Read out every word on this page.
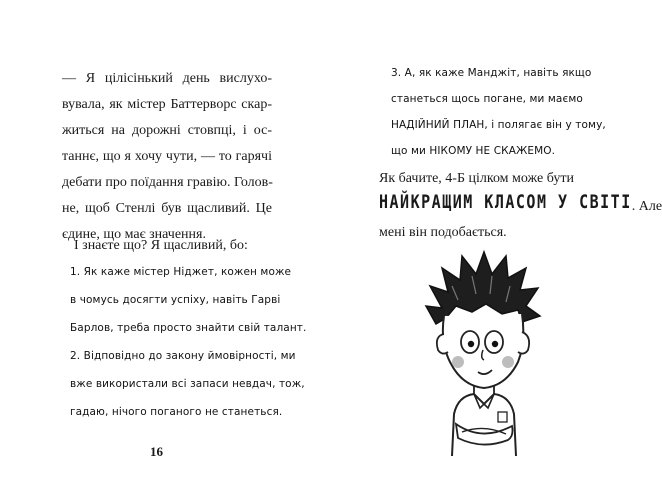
— Я цілісінький день вислухо-
вувала, як містер Баттерворс скар-
житься на дорожні стовпці, і ос-
таннє, що я хочу чути, — то гарячі
дебати про поїдання гравію. Голов-
не, щоб Стенлі був щасливий. Це
єдине, що має значення.
І знаєте що? Я щасливий, бо:
1. Як каже містер Ніджет, кожен може
в чомусь досягти успіху, навіть Гарві
Барлов, треба просто знайти свій талант.
2. Відповідно до закону ймовірності, ми
вже використали всі запаси невдач, тож,
гадаю, нічого поганого не станеться.
16
3. А, як каже Манджіт, навіть якщо
станеться щось погане, ми маємо
НАДІЙНИЙ ПЛАН, і полягає він у тому,
що ми НІКОМУ НЕ СКАЖЕМО.
Як бачите, 4-Б цілком може бути
НАЙКРАЩИМ КЛАСОМ У СВІТІ. Але
мені він подобається.
